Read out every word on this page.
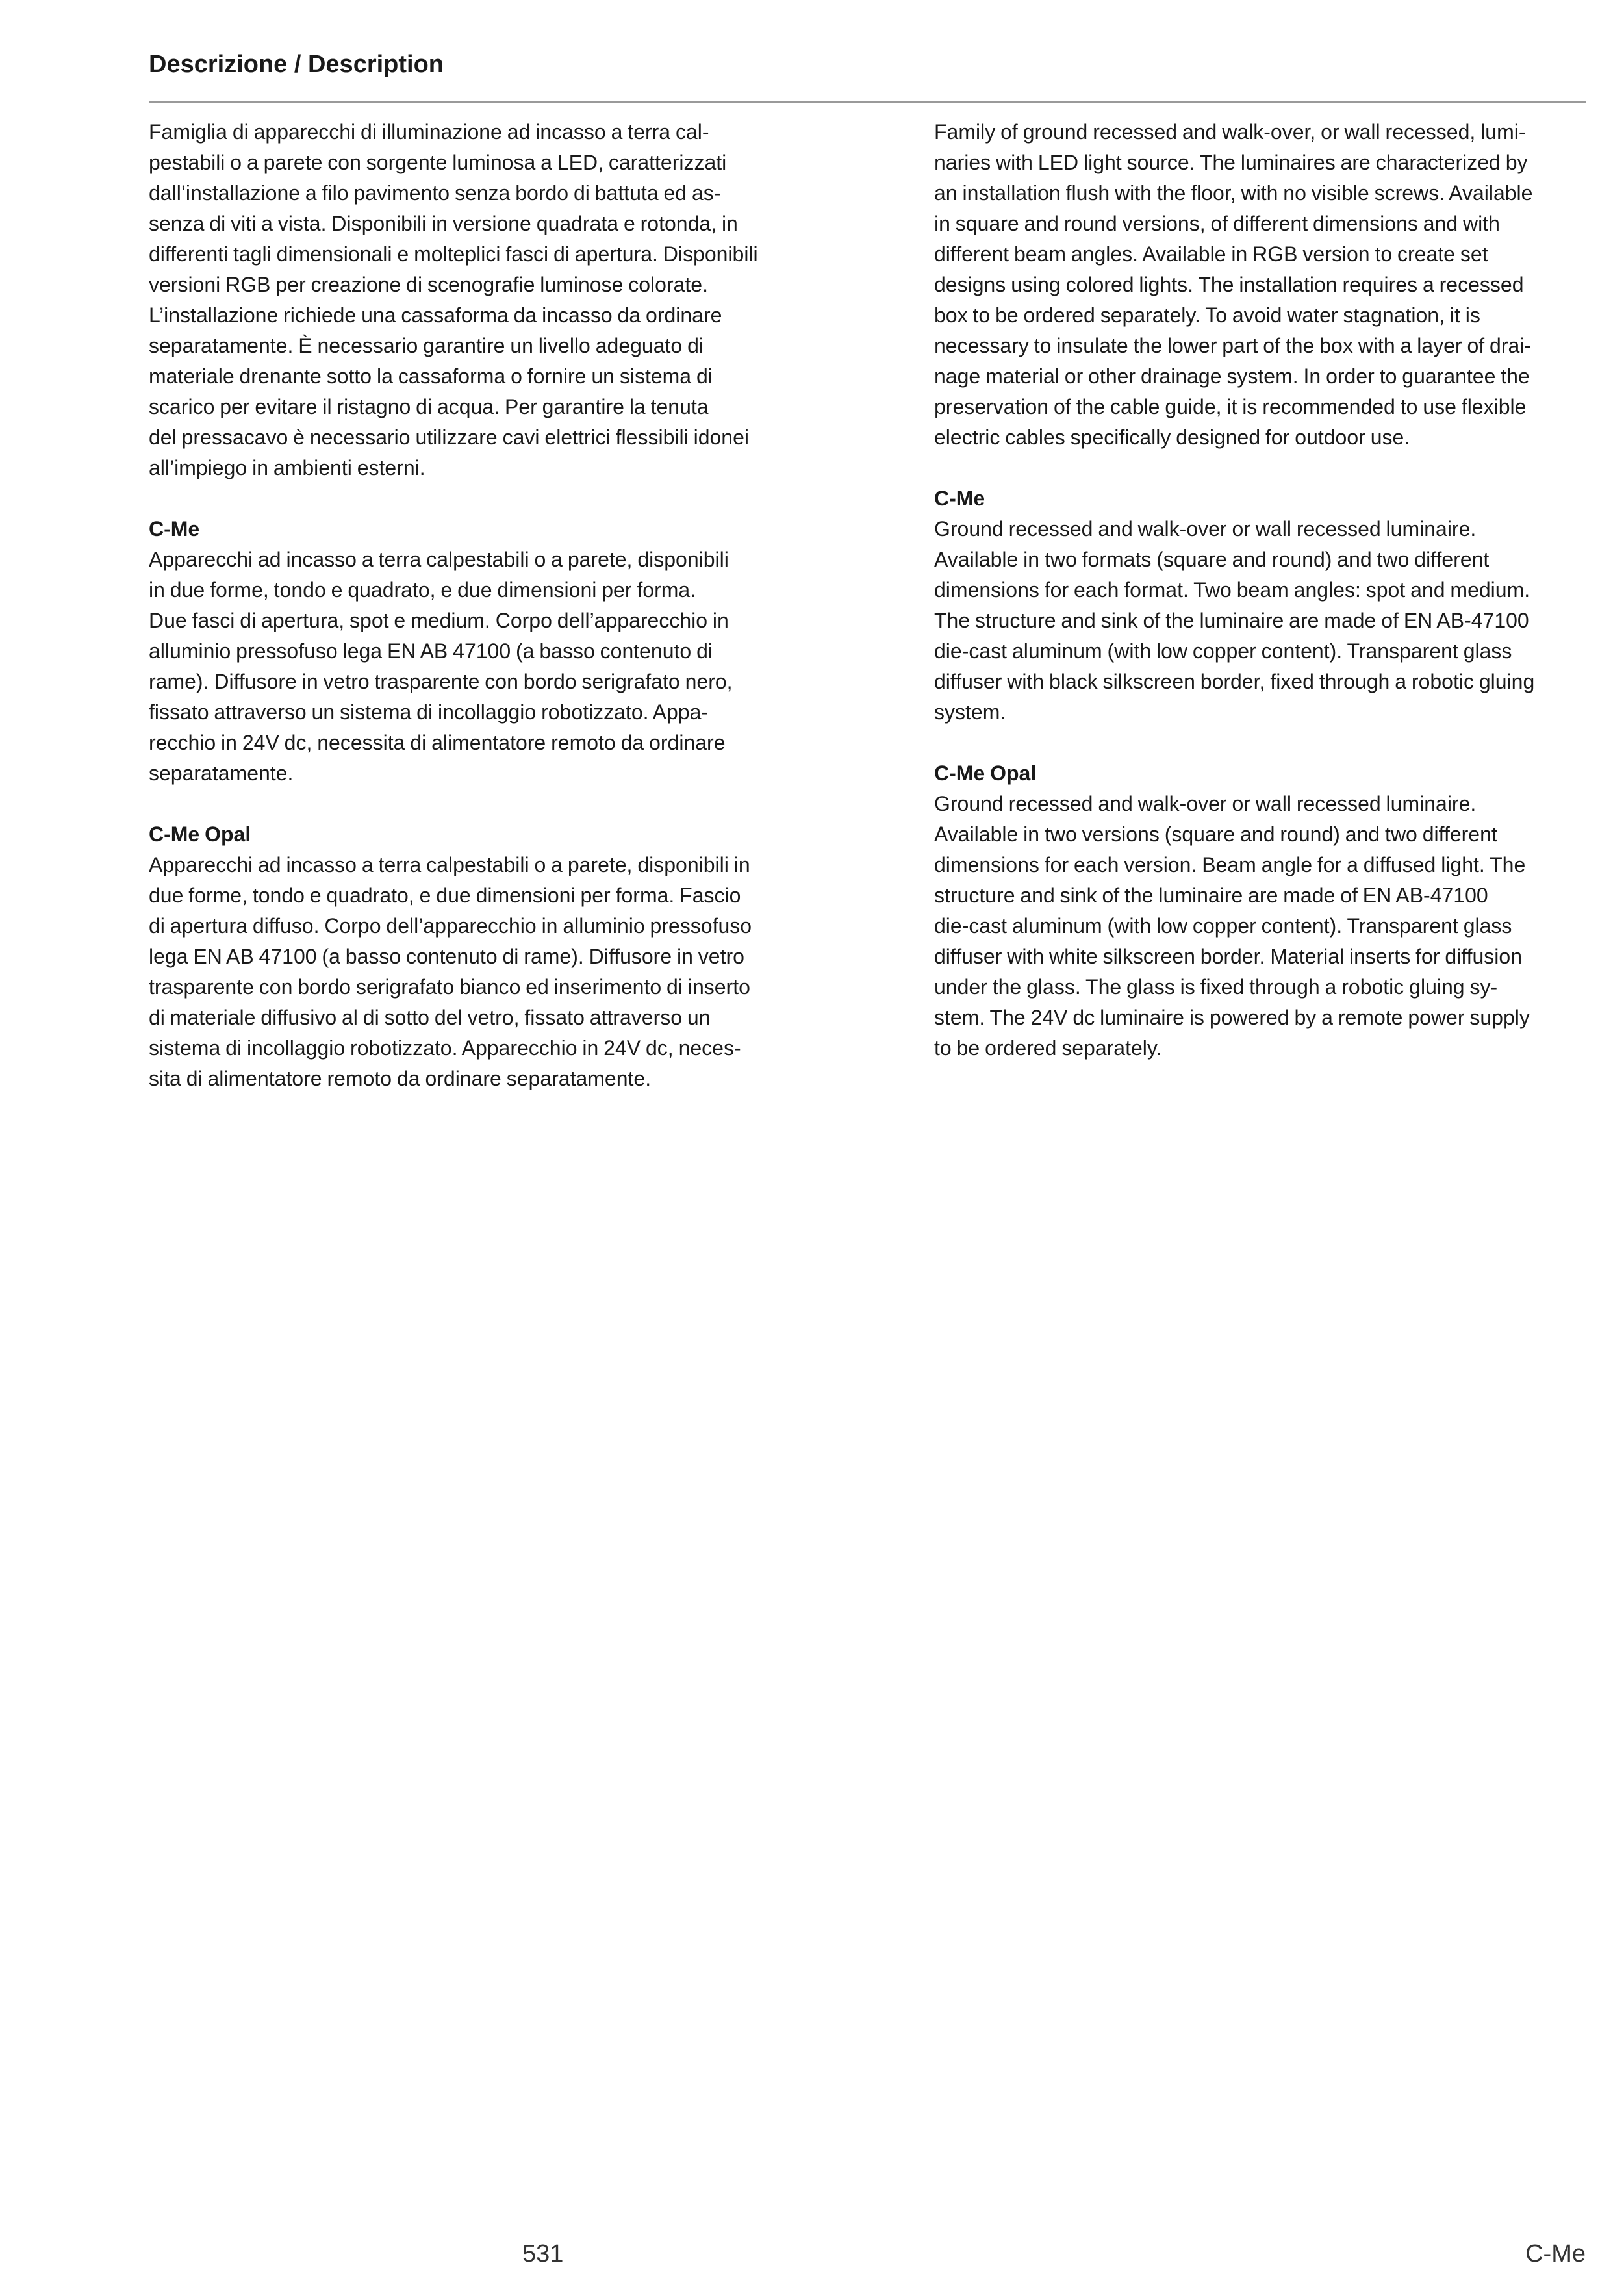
Descrizione / Description

Famiglia di apparecchi di illuminazione ad incasso a terra cal-
pestabili o a parete con sorgente luminosa a LED, caratterizzati
dall’installazione a filo pavimento senza bordo di battuta ed as-
senza di viti a vista. Disponibili in versione quadrata e rotonda, in
differenti tagli dimensionali e molteplici fasci di apertura. Disponibili
versioni RGB per creazione di scenografie luminose colorate.
L’installazione richiede una cassaforma da incasso da ordinare
separatamente. È necessario garantire un livello adeguato di
materiale drenante sotto la cassaforma o fornire un sistema di
scarico per evitare il ristagno di acqua. Per garantire la tenuta
del pressacavo è necessario utilizzare cavi elettrici flessibili idonei
all’impiego in ambienti esterni.

C-Me
Apparecchi ad incasso a terra calpestabili o a parete, disponibili
in due forme, tondo e quadrato, e due dimensioni per forma.
Due fasci di apertura, spot e medium. Corpo dell’apparecchio in
alluminio pressofuso lega EN AB 47100 (a basso contenuto di
rame). Diffusore in vetro trasparente con bordo serigrafato nero,
fissato attraverso un sistema di incollaggio robotizzato. Appa-
recchio in 24V dc, necessita di alimentatore remoto da ordinare
separatamente.

C-Me Opal
Apparecchi ad incasso a terra calpestabili o a parete, disponibili in
due forme, tondo e quadrato, e due dimensioni per forma. Fascio
di apertura diffuso. Corpo dell’apparecchio in alluminio pressofuso
lega EN AB 47100 (a basso contenuto di rame). Diffusore in vetro
trasparente con bordo serigrafato bianco ed inserimento di inserto
di materiale diffusivo al di sotto del vetro, fissato attraverso un
sistema di incollaggio robotizzato. Apparecchio in 24V dc, neces-
sita di alimentatore remoto da ordinare separatamente.

Family of ground recessed and walk-over, or wall recessed, lumi-
naries with LED light source. The luminaires are characterized by
an installation flush with the floor, with no visible screws. Available
in square and round versions, of different dimensions and with
different beam angles. Available in RGB version to create set
designs using colored lights. The installation requires a recessed
box to be ordered separately. To avoid water stagnation, it is
necessary to insulate the lower part of the box with a layer of drai-
nage material or other drainage system. In order to guarantee the
preservation of the cable guide, it is recommended to use flexible
electric cables specifically designed for outdoor use.

C-Me
Ground recessed and walk-over or wall recessed luminaire.
Available in two formats (square and round) and two different
dimensions for each format. Two beam angles: spot and medium.
The structure and sink of the luminaire are made of EN AB-47100
die-cast aluminum (with low copper content). Transparent glass
diffuser with black silkscreen border, fixed through a robotic gluing
system.

C-Me Opal
Ground recessed and walk-over or wall recessed luminaire.
Available in two versions (square and round) and two different
dimensions for each version. Beam angle for a diffused light. The
structure and sink of the luminaire are made of EN AB-47100
die-cast aluminum (with low copper content). Transparent glass
diffuser with white silkscreen border. Material inserts for diffusion
under the glass. The glass is fixed through a robotic gluing sy-
stem. The 24V dc luminaire is powered by a remote power supply
to be ordered separately.

531	C-Me
